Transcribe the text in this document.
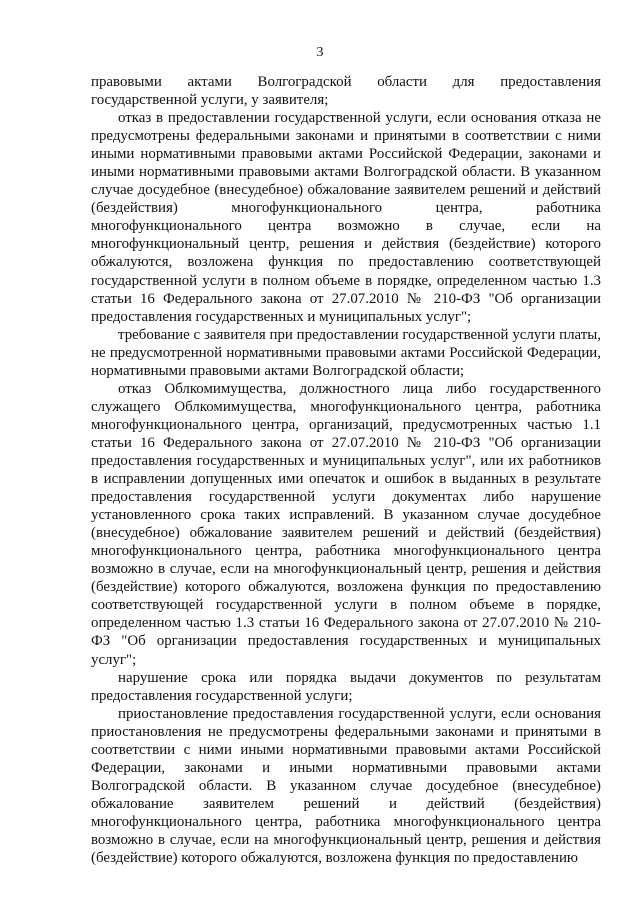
3

правовыми актами Волгоградской области для предоставления государственной услуги, у заявителя;

отказ в предоставлении государственной услуги, если основания отказа не предусмотрены федеральными законами и принятыми в соответствии с ними иными нормативными правовыми актами Российской Федерации, законами и иными нормативными правовыми актами Волгоградской области. В указанном случае досудебное (внесудебное) обжалование заявителем решений и действий (бездействия) многофункционального центра, работника многофункционального центра возможно в случае, если на многофункциональный центр, решения и действия (бездействие) которого обжалуются, возложена функция по предоставлению соответствующей государственной услуги в полном объеме в порядке, определенном частью 1.3 статьи 16 Федерального закона от 27.07.2010 № 210-ФЗ "Об организации предоставления государственных и муниципальных услуг";

требование с заявителя при предоставлении государственной услуги платы, не предусмотренной нормативными правовыми актами Российской Федерации, нормативными правовыми актами Волгоградской области;

отказ Облкомимущества, должностного лица либо государственного служащего Облкомимущества, многофункционального центра, работника многофункционального центра, организаций, предусмотренных частью 1.1 статьи 16 Федерального закона от 27.07.2010 № 210-ФЗ "Об организации предоставления государственных и муниципальных услуг", или их работников в исправлении допущенных ими опечаток и ошибок в выданных в результате предоставления государственной услуги документах либо нарушение установленного срока таких исправлений. В указанном случае досудебное (внесудебное) обжалование заявителем решений и действий (бездействия) многофункционального центра, работника многофункционального центра возможно в случае, если на многофункциональный центр, решения и действия (бездействие) которого обжалуются, возложена функция по предоставлению соответствующей государственной услуги в полном объеме в порядке, определенном частью 1.3 статьи 16 Федерального закона от 27.07.2010 № 210-ФЗ "Об организации предоставления государственных и муниципальных услуг";

нарушение срока или порядка выдачи документов по результатам предоставления государственной услуги;

приостановление предоставления государственной услуги, если основания приостановления не предусмотрены федеральными законами и принятыми в соответствии с ними иными нормативными правовыми актами Российской Федерации, законами и иными нормативными правовыми актами Волгоградской области. В указанном случае досудебное (внесудебное) обжалование заявителем решений и действий (бездействия) многофункционального центра, работника многофункционального центра возможно в случае, если на многофункциональный центр, решения и действия (бездействие) которого обжалуются, возложена функция по предоставлению
